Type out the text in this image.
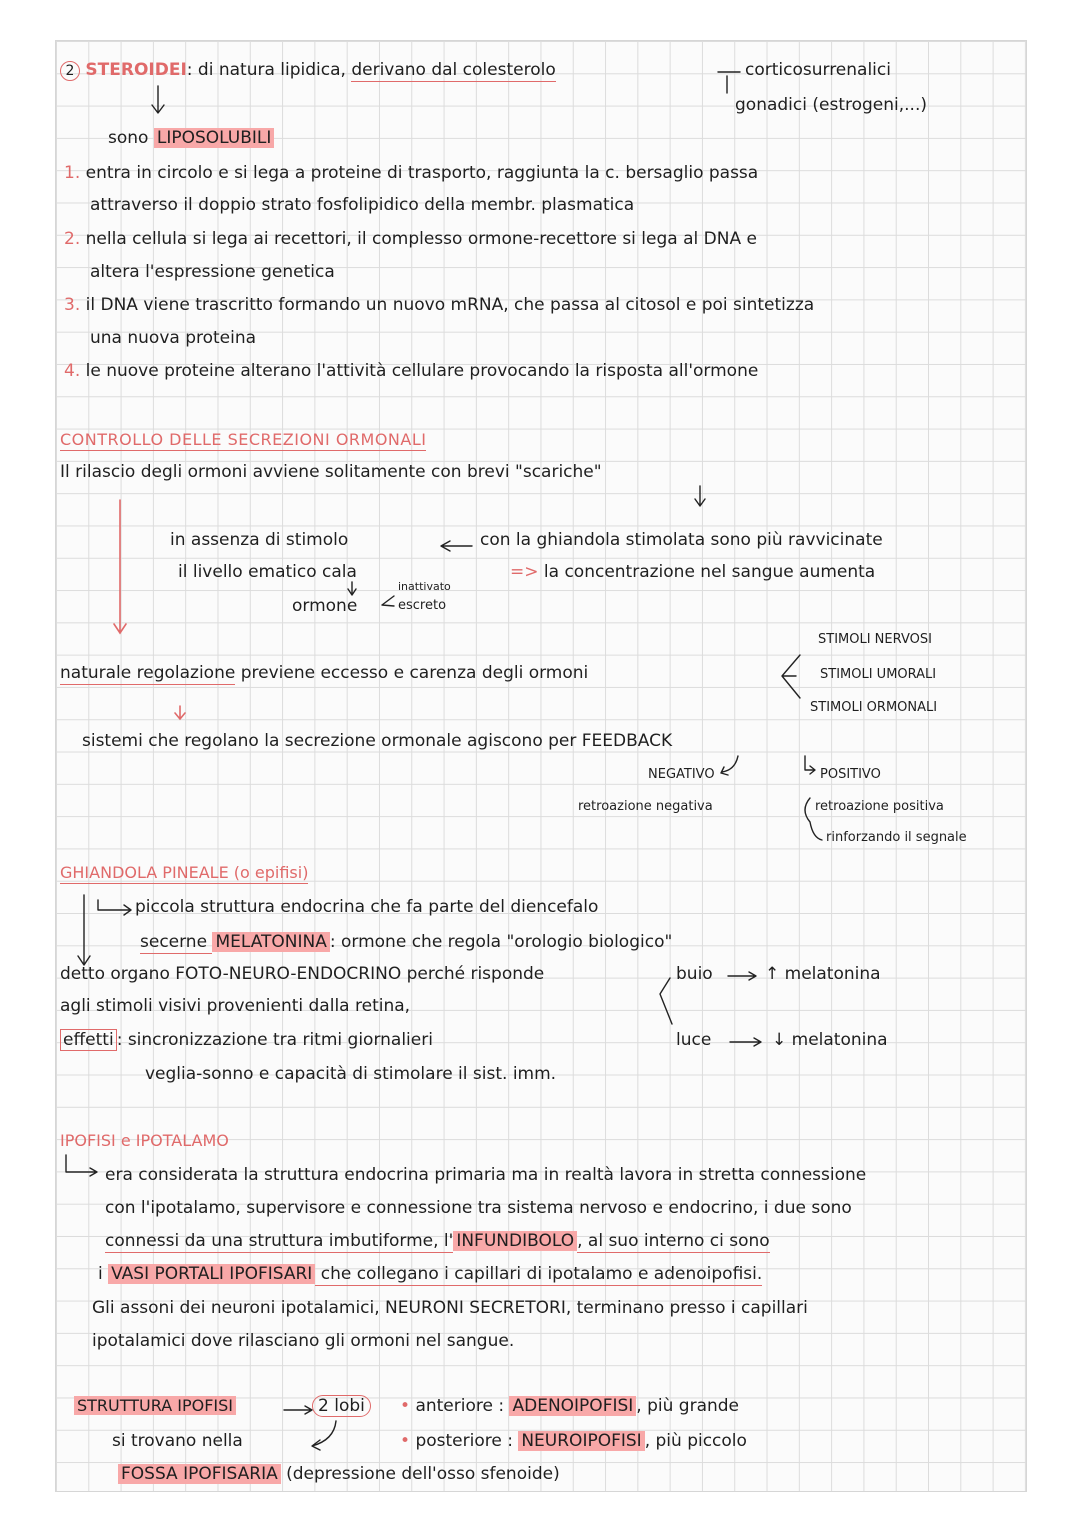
2 STEROIDEI: di natura lipidica, derivano dal colesterolo	corticosurrenalici
gonadici (estrogeni,...)
sono LIPOSOLUBILI
1. entra in circolo e si lega a proteine di trasporto, raggiunta la c. bersaglio passa
attraverso il doppio strato fosfolipidico della membr. plasmatica
2. nella cellula si lega ai recettori, il complesso ormone-recettore si lega al DNA e
altera l'espressione genetica
3. il DNA viene trascritto formando un nuovo mRNA, che passa al citosol e poi sintetizza
una nuova proteina
4. le nuove proteine alterano l'attività cellulare provocando la risposta all'ormone
CONTROLLO DELLE SECREZIONI ORMONALI
Il rilascio degli ormoni avviene solitamente con brevi "scariche"
in assenza di stimolo
il livello ematico cala
ormone
inattivato
escreto
con la ghiandola stimolata sono più ravvicinate
=> la concentrazione nel sangue aumenta
naturale regolazione previene eccesso e carenza degli ormoni
STIMOLI NERVOSI
STIMOLI UMORALI
STIMOLI ORMONALI
sistemi che regolano la secrezione ormonale agiscono per FEEDBACK
NEGATIVO	POSITIVO
retroazione negativa	retroazione positiva
rinforzando il segnale
GHIANDOLA PINEALE (o epifisi)
piccola struttura endocrina che fa parte del diencefalo
secerne MELATONINA : ormone che regola "orologio biologico"
detto organo FOTO-NEURO-ENDOCRINO perché risponde
agli stimoli visivi provenienti dalla retina,
effetti : sincronizzazione tra ritmi giornalieri
veglia-sonno e capacità di stimolare il sist. imm.
buio	↑ melatonina
luce	↓ melatonina
IPOFISI e IPOTALAMO
era considerata la struttura endocrina primaria ma in realtà lavora in stretta connessione
con l'ipotalamo, supervisore e connessione tra sistema nervoso e endocrino, i due sono
connessi da una struttura imbutiforme, l' INFUNDIBOLO , al suo interno ci sono
i VASI PORTALI IPOFISARI che collegano i capillari di ipotalamo e adenoipofisi.
Gli assoni dei neuroni ipotalamici, NEURONI SECRETORI, terminano presso i capillari
ipotalamici dove rilasciano gli ormoni nel sangue.
STRUTTURA IPOFISI	2 lobi	• anteriore : ADENOIPOFISI , più grande
• posteriore : NEUROIPOFISI , più piccolo
si trovano nella
FOSSA IPOFISARIA (depressione dell'osso sfenoide)
